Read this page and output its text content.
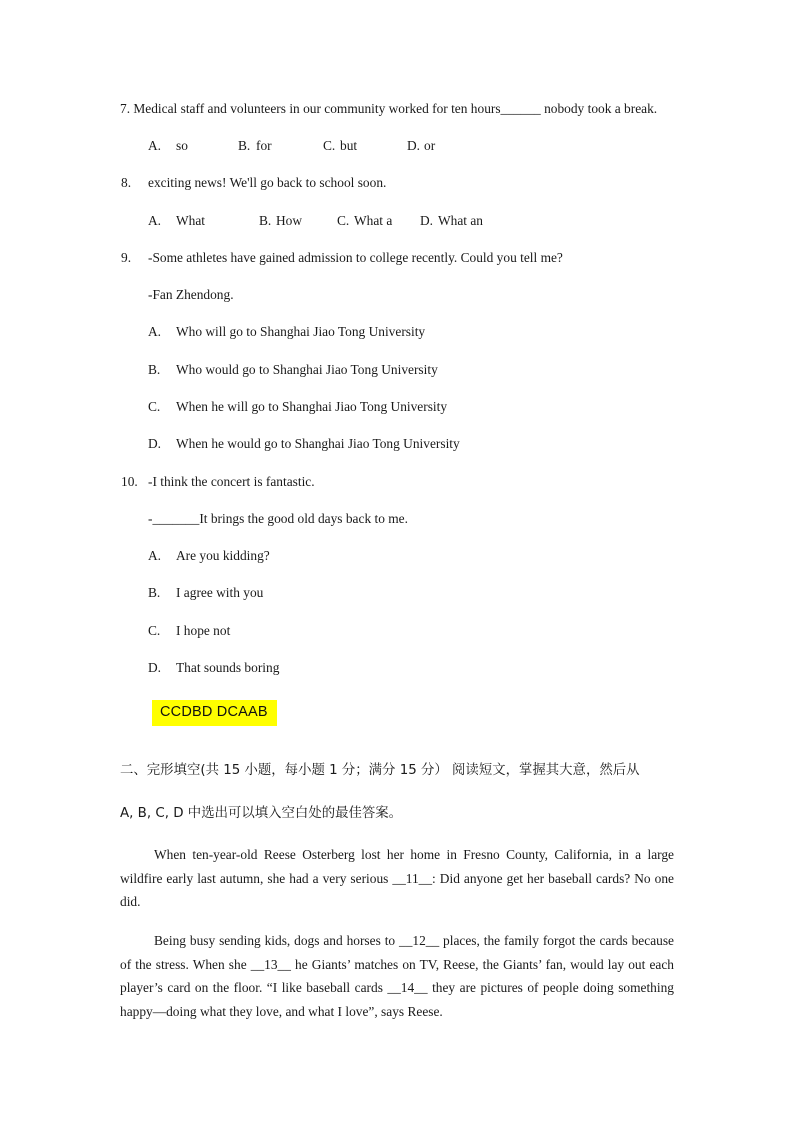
7. Medical staff and volunteers in our community worked for ten hours______ nobody took a break.
A. so	B. for	C. but	D. or
8. exciting news! We'll go back to school soon.
A. What	B. How	C. What a D. What an
9. -Some athletes have gained admission to college recently. Could you tell me?
-Fan Zhendong.
A. Who will go to Shanghai Jiao Tong University
B. Who would go to Shanghai Jiao Tong University
C. When he will go to Shanghai Jiao Tong University
D. When he would go to Shanghai Jiao Tong University
10. -I think the concert is fantastic.
-_______It brings the good old days back to me.
A. Are you kidding?
B. I agree with you
C. I hope not
D. That sounds boring
CCDBD DCAAB
二、完形填空(共 15 小题，每小题 1 分；满分 15 分） 阅读短文，掌握其大意，然后从
A, B, C, D 中选出可以填入空白处的最佳答案。
When ten-year-old Reese Osterberg lost her home in Fresno County, California, in a large wildfire early last autumn, she had a very serious __11__: Did anyone get her baseball cards? No one did.
Being busy sending kids, dogs and horses to __12__ places, the family forgot the cards because of the stress. When she __13__ he Giants’ matches on TV, Reese, the Giants’ fan, would lay out each player’s card on the floor. “I like baseball cards __14__ they are pictures of people doing something happy—doing what they love, and what I love”, says Reese.
